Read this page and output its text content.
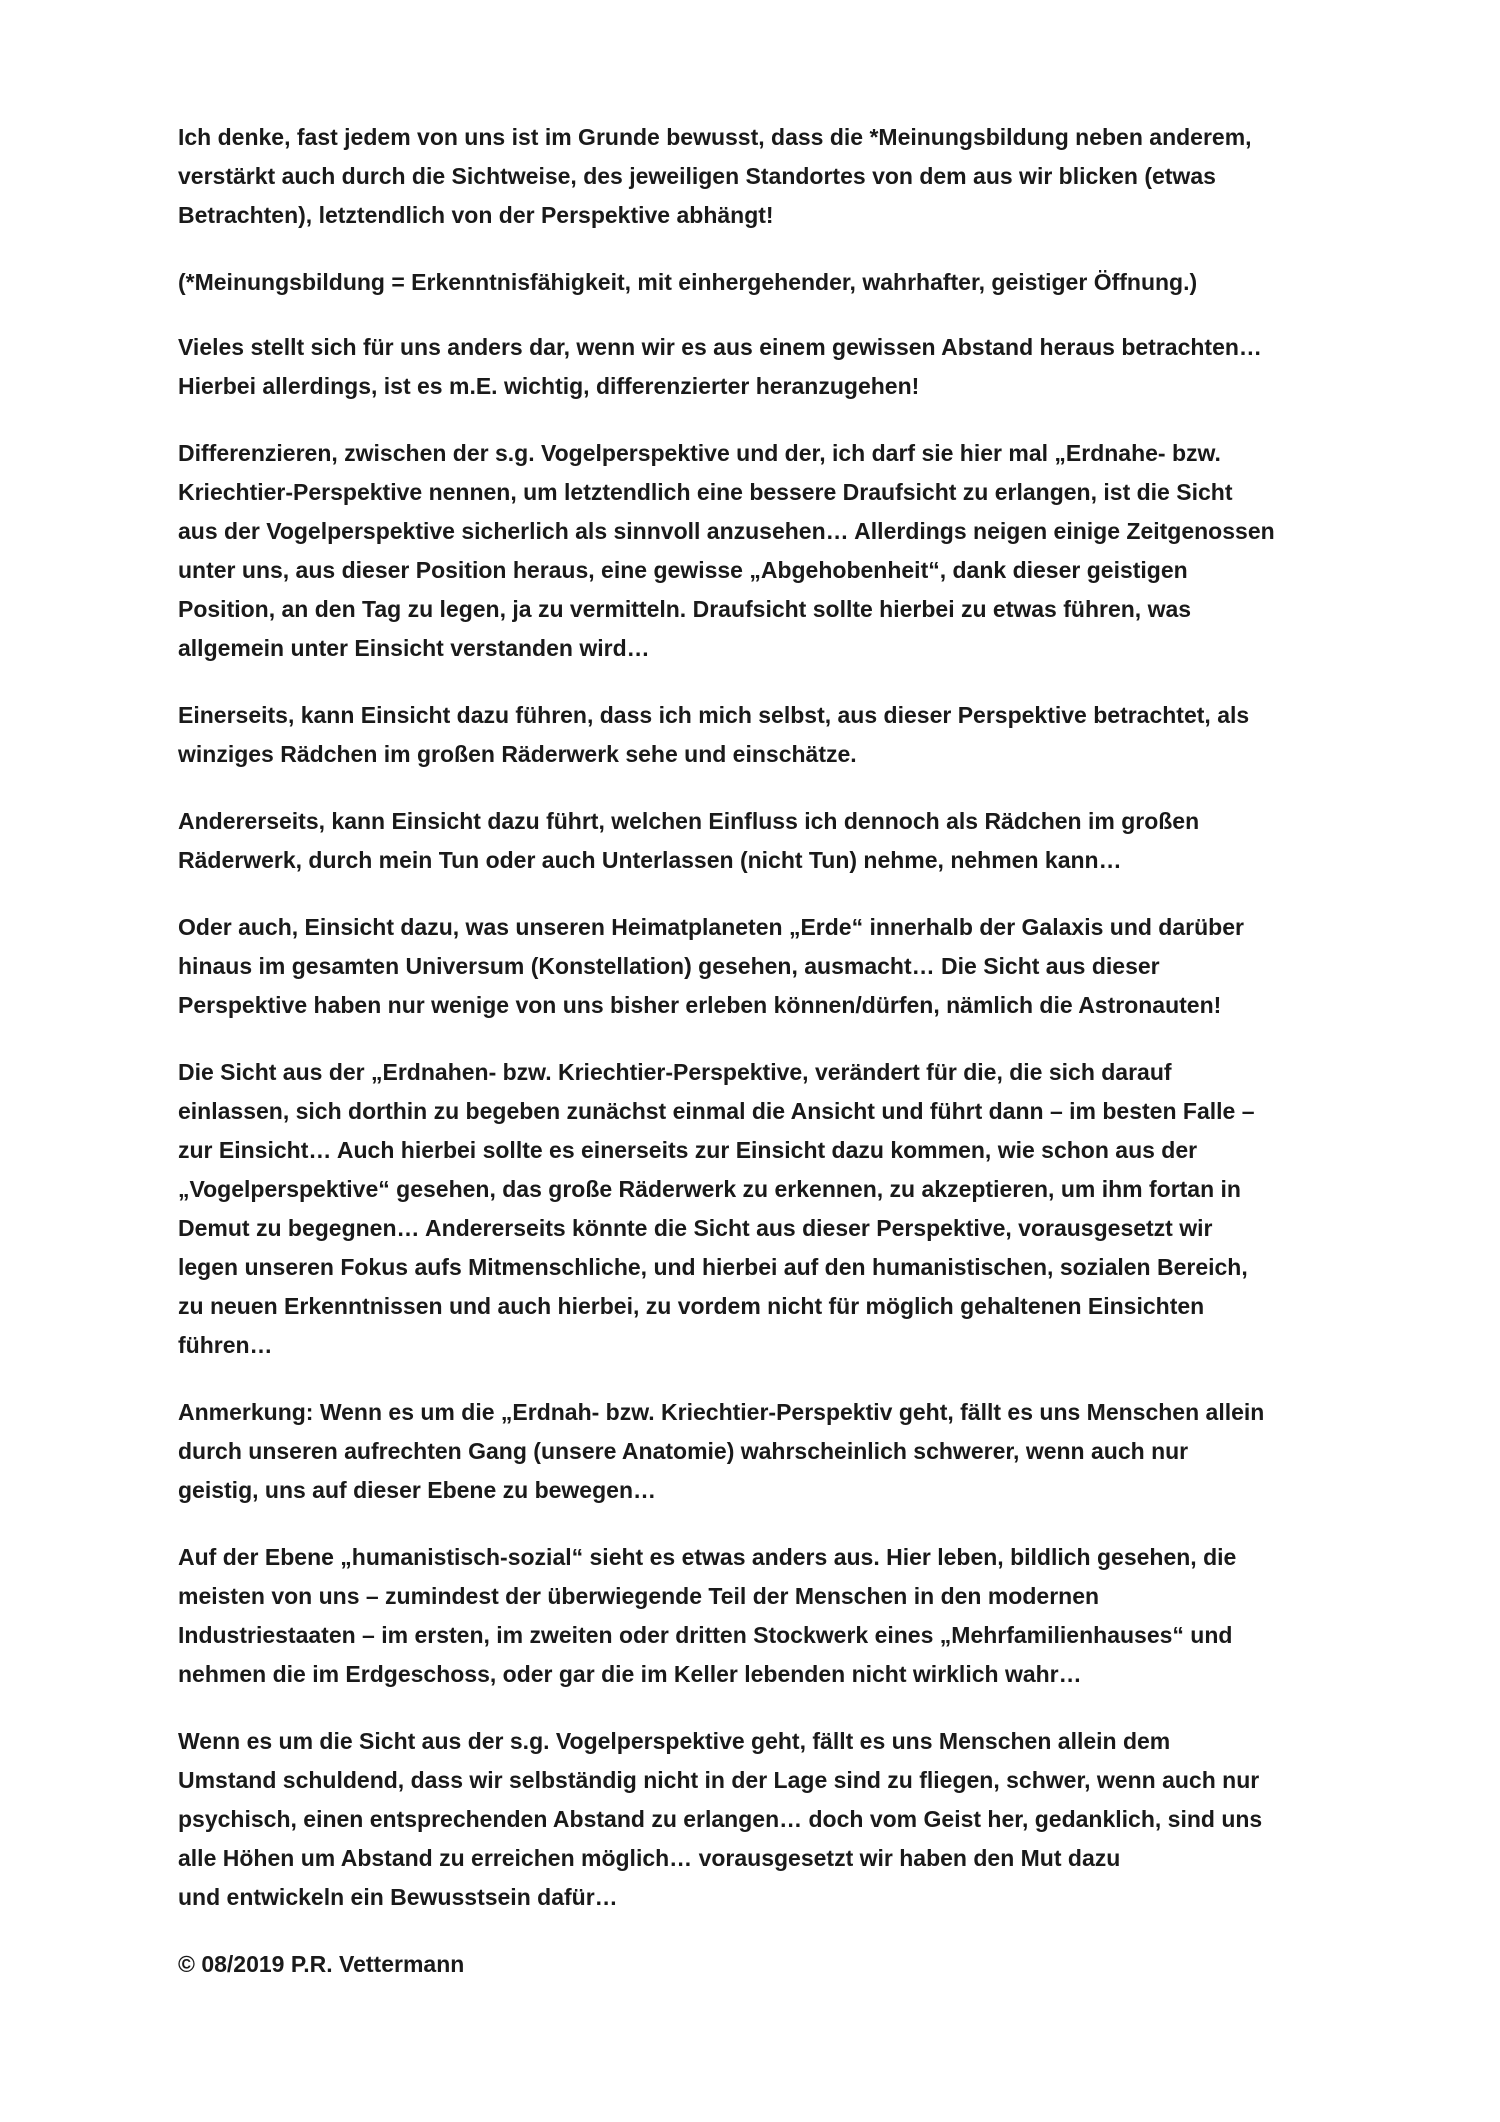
Ich denke, fast jedem von uns ist im Grunde bewusst, dass die *Meinungsbildung neben anderem,
verstärkt auch durch die Sichtweise, des jeweiligen Standortes von dem aus wir blicken (etwas
Betrachten), letztendlich von der Perspektive abhängt!

(*Meinungsbildung = Erkenntnisfähigkeit, mit einhergehender, wahrhafter, geistiger Öffnung.)

Vieles stellt sich für uns anders dar, wenn wir es aus einem gewissen Abstand heraus betrachten…
Hierbei allerdings, ist es m.E. wichtig, differenzierter heranzugehen!

Differenzieren, zwischen der s.g. Vogelperspektive und der, ich darf sie hier mal „Erdnahe- bzw.
Kriechtier-Perspektive nennen, um letztendlich eine bessere Draufsicht zu erlangen, ist die Sicht
aus der Vogelperspektive sicherlich als sinnvoll anzusehen… Allerdings neigen einige Zeitgenossen
unter uns, aus dieser Position heraus, eine gewisse „Abgehobenheit“, dank dieser geistigen
Position, an den Tag zu legen, ja zu vermitteln. Draufsicht sollte hierbei zu etwas führen, was
allgemein unter Einsicht verstanden wird…

Einerseits, kann Einsicht dazu führen, dass ich mich selbst, aus dieser Perspektive betrachtet, als
winziges Rädchen im großen Räderwerk sehe und einschätze.

Andererseits, kann Einsicht dazu führt, welchen Einfluss ich dennoch als Rädchen im großen
Räderwerk, durch mein Tun oder auch Unterlassen (nicht Tun) nehme, nehmen kann…

Oder auch, Einsicht dazu, was unseren Heimatplaneten „Erde“ innerhalb der Galaxis und darüber
hinaus im gesamten Universum (Konstellation) gesehen, ausmacht… Die Sicht aus dieser
Perspektive haben nur wenige von uns bisher erleben können/dürfen, nämlich die Astronauten!

Die Sicht aus der „Erdnahen- bzw. Kriechtier-Perspektive, verändert für die, die sich darauf
einlassen, sich dorthin zu begeben zunächst einmal die Ansicht und führt dann – im besten Falle –
zur Einsicht… Auch hierbei sollte es einerseits zur Einsicht dazu kommen, wie schon aus der
„Vogelperspektive“ gesehen, das große Räderwerk zu erkennen, zu akzeptieren, um ihm fortan in
Demut zu begegnen… Andererseits könnte die Sicht aus dieser Perspektive, vorausgesetzt wir
legen unseren Fokus aufs Mitmenschliche, und hierbei auf den humanistischen, sozialen Bereich,
zu neuen Erkenntnissen und auch hierbei, zu vordem nicht für möglich gehaltenen Einsichten
führen…

Anmerkung: Wenn es um die „Erdnah- bzw. Kriechtier-Perspektiv geht, fällt es uns Menschen allein
durch unseren aufrechten Gang (unsere Anatomie) wahrscheinlich schwerer, wenn auch nur
geistig, uns auf dieser Ebene zu bewegen…

Auf der Ebene „humanistisch-sozial“ sieht es etwas anders aus. Hier leben, bildlich gesehen, die
meisten von uns – zumindest der überwiegende Teil der Menschen in den modernen
Industriestaaten – im ersten, im zweiten oder dritten Stockwerk eines „Mehrfamilienhauses“ und
nehmen die im Erdgeschoss, oder gar die im Keller lebenden nicht wirklich wahr…

Wenn es um die Sicht aus der s.g. Vogelperspektive geht, fällt es uns Menschen allein dem
Umstand schuldend, dass wir selbständig nicht in der Lage sind zu fliegen, schwer, wenn auch nur
psychisch, einen entsprechenden Abstand zu erlangen… doch vom Geist her, gedanklich, sind uns
alle Höhen um Abstand zu erreichen möglich… vorausgesetzt wir haben den Mut dazu
und entwickeln ein Bewusstsein dafür…

© 08/2019 P.R. Vettermann
